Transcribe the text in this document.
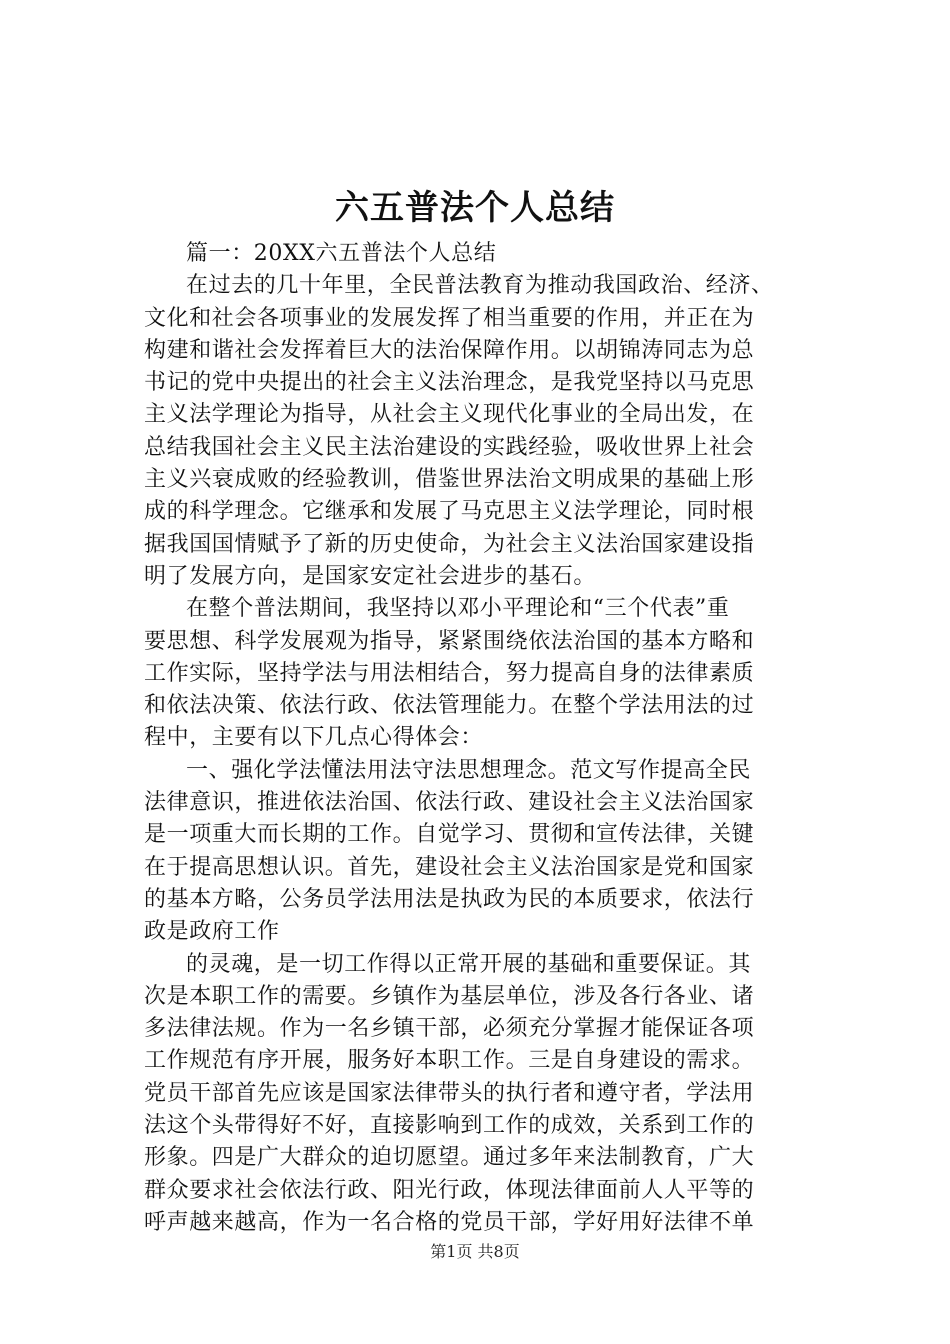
六五普法个人总结
篇一：20XX六五普法个人总结
在过去的几十年里，全民普法教育为推动我国政治、经济、
文化和社会各项事业的发展发挥了相当重要的作用，并正在为
构建和谐社会发挥着巨大的法治保障作用。以胡锦涛同志为总
书记的党中央提出的社会主义法治理念，是我党坚持以马克思
主义法学理论为指导，从社会主义现代化事业的全局出发，在
总结我国社会主义民主法治建设的实践经验，吸收世界上社会
主义兴衰成败的经验教训，借鉴世界法治文明成果的基础上形
成的科学理念。它继承和发展了马克思主义法学理论，同时根
据我国国情赋予了新的历史使命，为社会主义法治国家建设指
明了发展方向，是国家安定社会进步的基石。
在整个普法期间，我坚持以邓小平理论和“三个代表”重
要思想、科学发展观为指导，紧紧围绕依法治国的基本方略和
工作实际，坚持学法与用法相结合，努力提高自身的法律素质
和依法决策、依法行政、依法管理能力。在整个学法用法的过
程中，主要有以下几点心得体会：
一、强化学法懂法用法守法思想理念。范文写作提高全民
法律意识，推进依法治国、依法行政、建设社会主义法治国家
是一项重大而长期的工作。自觉学习、贯彻和宣传法律，关键
在于提高思想认识。首先，建设社会主义法治国家是党和国家
的基本方略，公务员学法用法是执政为民的本质要求，依法行
政是政府工作
的灵魂，是一切工作得以正常开展的基础和重要保证。其
次是本职工作的需要。乡镇作为基层单位，涉及各行各业、诸
多法律法规。作为一名乡镇干部，必须充分掌握才能保证各项
工作规范有序开展，服务好本职工作。三是自身建设的需求。
党员干部首先应该是国家法律带头的执行者和遵守者，学法用
法这个头带得好不好，直接影响到工作的成效，关系到工作的
形象。四是广大群众的迫切愿望。通过多年来法制教育，广大
群众要求社会依法行政、阳光行政，体现法律面前人人平等的
呼声越来越高，作为一名合格的党员干部，学好用好法律不单
第1页 共8页
